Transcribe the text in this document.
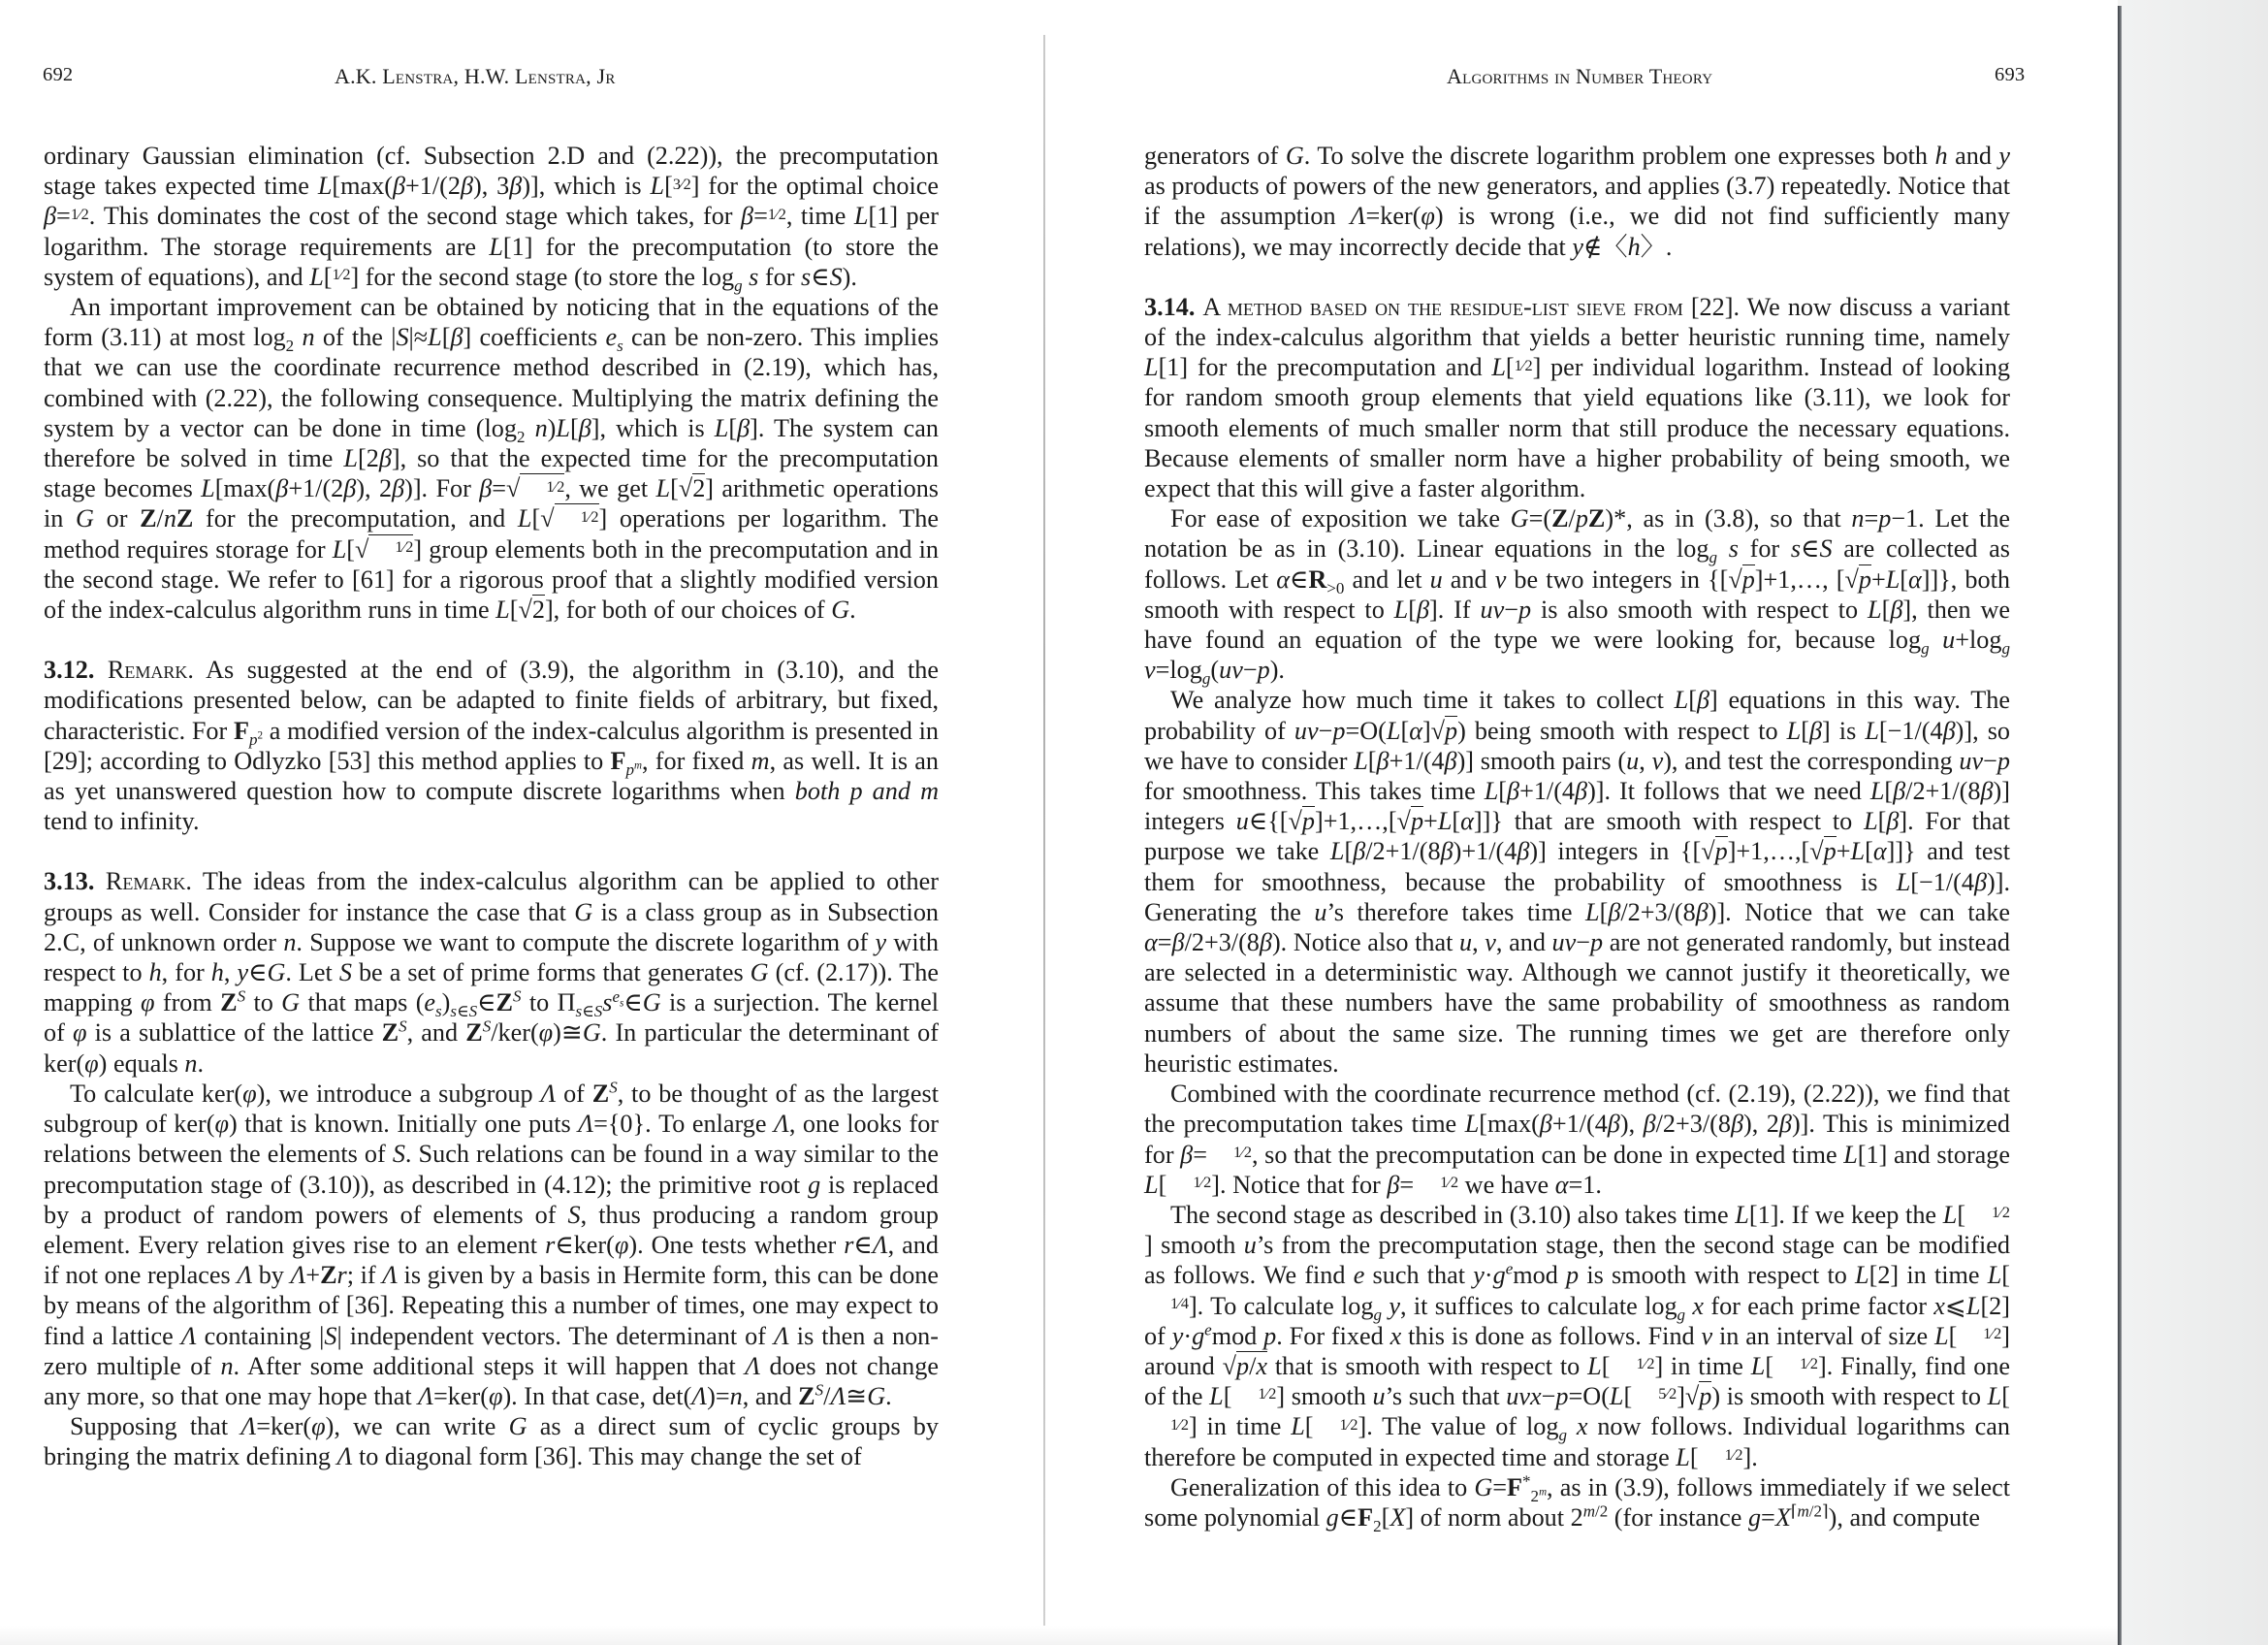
692	A.K. Lenstra, H.W. Lenstra, Jr

ordinary Gaussian elimination (cf. Subsection 2.D and (2.22)), the precomputation stage takes expected time L[max(β+1/(2β), 3β)], which is L[3⁄2] for the optimal choice β=1⁄2. This dominates the cost of the second stage which takes, for β=1⁄2, time L[1] per logarithm. The storage requirements are L[1] for the precomputation (to store the system of equations), and L[1⁄2] for the second stage (to store the $\log_g s$ for s∈S).

An important improvement can be obtained by noticing that in the equations of the form (3.11) at most $\log_2 n$ of the |S|≈L[β] coefficients $e_s$ can be non-zero. This implies that we can use the coordinate recurrence method described in (2.19), which has, combined with (2.22), the following consequence. Multiplying the matrix defining the system by a vector can be done in time ($\log_2$ n)L[β], which is L[β]. The system can therefore be solved in time L[2β], so that the expected time for the precomputation stage becomes L[max(β+1/(2β), 2β)]. For β=√ 1⁄2, we get L[√2] arithmetic operations in G or Z/nZ for the precomputation, and L[√ 1⁄2] operations per logarithm. The method requires storage for L[√ 1⁄2] group elements both in the precomputation and in the second stage. We refer to [61] for a rigorous proof that a slightly modified version of the index-calculus algorithm runs in time L[√2], for both of our choices of G.

3.12. Remark. As suggested at the end of (3.9), the algorithm in (3.10), and the modifications presented below, can be adapted to finite fields of arbitrary, but fixed, characteristic. For $F_{p^2}$ a modified version of the index-calculus algorithm is presented in [29]; according to Odlyzko [53] this method applies to $F_{p^m}$, for fixed m, as well. It is an as yet unanswered question how to compute discrete logarithms when both p and m tend to infinity.

3.13. Remark. The ideas from the index-calculus algorithm can be applied to other groups as well. Consider for instance the case that G is a class group as in Subsection 2.C, of unknown order n. Suppose we want to compute the discrete logarithm of y with respect to h, for h, y∈G. Let S be a set of prime forms that generates G (cf. (2.17)). The mapping φ from $Z^S$ to G that maps $(e_s)_{s\in S}\in Z^S$ to $\Pi_{s\in S}s^{e_s}\in G$ is a surjection. The kernel of φ is a sublattice of the lattice $Z^S$, and $Z^S/ker(\varphi)≅G$. In particular the determinant of ker(φ) equals n.

To calculate ker(φ), we introduce a subgroup Λ of $Z^S$, to be thought of as the largest subgroup of ker(φ) that is known. Initially one puts Λ={0}. To enlarge Λ, one looks for relations between the elements of S. Such relations can be found in a way similar to the precomputation stage of (3.10)), as described in (4.12); the primitive root g is replaced by a product of random powers of elements of S, thus producing a random group element. Every relation gives rise to an element r∈ker(φ). One tests whether r∈Λ, and if not one replaces Λ by Λ+Zr; if Λ is given by a basis in Hermite form, this can be done by means of the algorithm of [36]. Repeating this a number of times, one may expect to find a lattice Λ containing |S| independent vectors. The determinant of Λ is then a non-zero multiple of n. After some additional steps it will happen that Λ does not change any more, so that one may hope that Λ=ker(φ). In that case, det(Λ)=n, and $Z^S/\Lambda≅G$.

Supposing that Λ=ker(φ), we can write G as a direct sum of cyclic groups by bringing the matrix defining Λ to diagonal form [36]. This may change the set of

Algorithms in Number Theory	693

generators of G. To solve the discrete logarithm problem one expresses both h and y as products of powers of the new generators, and applies (3.7) repeatedly. Notice that if the assumption Λ=ker(φ) is wrong (i.e., we did not find sufficiently many relations), we may incorrectly decide that y∉〈h〉.

3.14. A method based on the residue-list sieve from [22]. We now discuss a variant of the index-calculus algorithm that yields a better heuristic running time, namely L[1] for the precomputation and L[1⁄2] per individual logarithm. Instead of looking for random smooth group elements that yield equations like (3.11), we look for smooth elements of much smaller norm that still produce the necessary equations. Because elements of smaller norm have a higher probability of being smooth, we expect that this will give a faster algorithm.

For ease of exposition we take G=(Z/pZ)*, as in (3.8), so that n=p−1. Let the notation be as in (3.10). Linear equations in the $\log_g s$ for s∈S are collected as follows. Let $\alpha\in R_{>0}$ and let u and v be two integers in {[√p]+1,…, [√p+L[α]]}, both smooth with respect to L[β]. If uv−p is also smooth with respect to L[β], then we have found an equation of the type we were looking for, because $\log_g u+\log_g$ $v=\log_g(uv-p)$.

We analyze how much time it takes to collect L[β] equations in this way. The probability of uv−p=O(L[α]√p) being smooth with respect to L[β] is L[−1/(4β)], so we have to consider L[β+1/(4β)] smooth pairs (u, v), and test the corresponding uv−p for smoothness. This takes time L[β+1/(4β)]. It follows that we need L[β/2+1/(8β)] integers u∈{[√p]+1,…,[√p+L[α]]} that are smooth with respect to L[β]. For that purpose we take L[β/2+1/(8β)+1/(4β)] integers in {[√p]+1,…,[√p+L[α]]} and test them for smoothness, because the probability of smoothness is L[−1/(4β)]. Generating the u’s therefore takes time L[β/2+3/(8β)]. Notice that we can take α=β/2+3/(8β). Notice also that u, v, and uv−p are not generated randomly, but instead are selected in a deterministic way. Although we cannot justify it theoretically, we assume that these numbers have the same probability of smoothness as random numbers of about the same size. The running times we get are therefore only heuristic estimates.

Combined with the coordinate recurrence method (cf. (2.19), (2.22)), we find that the precomputation takes time L[max(β+1/(4β), β/2+3/(8β), 2β)]. This is minimized for β= 1⁄2, so that the precomputation can be done in expected time L[1] and storage L[ 1⁄2]. Notice that for β= 1⁄2 we have α=1.

The second stage as described in (3.10) also takes time L[1]. If we keep the L[ 1⁄2] smooth u’s from the precomputation stage, then the second stage can be modified as follows. We find e such that $y\cdot g^emod$ p is smooth with respect to L[2] in time L[1⁄4]. To calculate $\log_g y$, it suffices to calculate $\log_g x$ for each prime factor x⩽L[2] of $y\cdot g^emod$ p. For fixed x this is done as follows. Find v in an interval of size L[ 1⁄2] around √p/x that is smooth with respect to L[ 1⁄2] in time L[ 1⁄2]. Finally, find one of the L[ 1⁄2] smooth u’s such that uvx−p=O(L[ 5⁄2]√p) is smooth with respect to L[1⁄2] in time L[ 1⁄2]. The value of $\log_g x$ now follows. Individual logarithms can therefore be computed in expected time and storage L[ 1⁄2].

Generalization of this idea to $G=F^*_{2^m}$, as in (3.9), follows immediately if we select some polynomial $g\in F_2[X]$ of norm about $2^{m/2}$ (for instance $g=X^{⌈m/2⌉}$), and compute
